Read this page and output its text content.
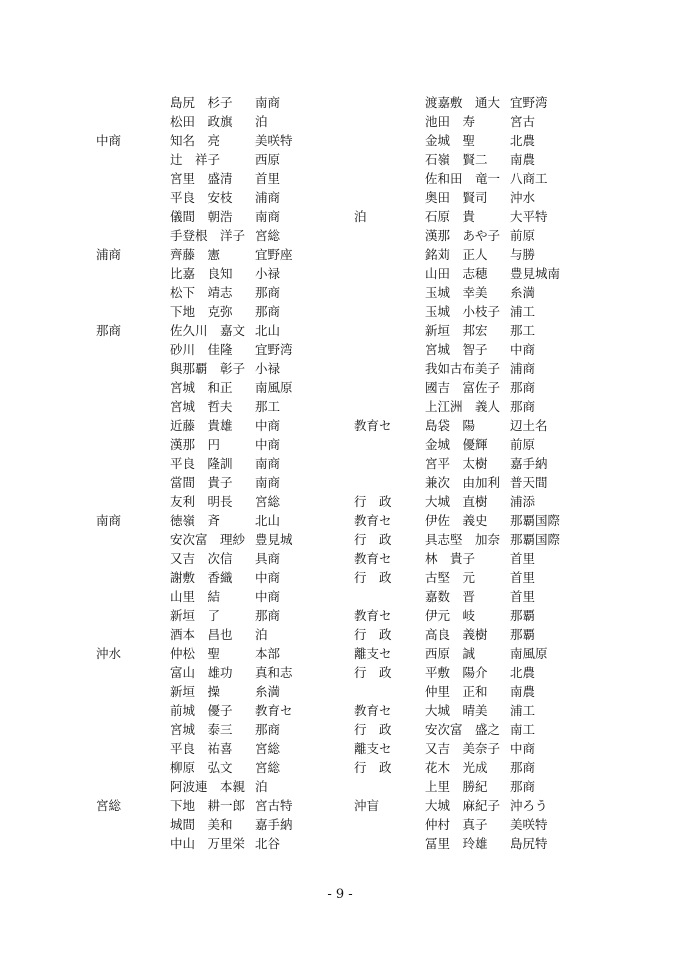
島尻　杉子 南商
松田　政旗 泊
中商	知名　亮	美咲特
辻　祥子	西原
宮里　盛清 首里
平良　安枝 浦商
儀間　朝浩 南商
手登根　洋子 宮総
浦商	齊藤　憲	宜野座
比嘉　良知 小禄
松下　靖志 那商
下地　克弥 那商
那商	佐久川　嘉文 北山
砂川　佳隆 宜野湾
與那覇　彰子 小禄
宮城　和正 南風原
宮城　哲夫 那工
近藤　貴雄 中商
漢那　円	中商
平良　隆訓 南商
當間　貴子 南商
友利　明長 宮総
南商	徳嶺　斉	北山
安次富　理紗 豊見城
又吉　次信 具商
謝敷　香織 中商
山里　結	中商
新垣　了	那商
酒本　昌也 泊
沖水	仲松　聖	本部
富山　雄功 真和志
新垣　操	糸満
前城　優子 教育セ
宮城　泰三 那商
平良　祐喜 宮総
柳原　弘文 宮総
阿波連　本親 泊
宮総	下地　耕一郎 宮古特
城間　美和 嘉手納
中山　万里栄 北谷
渡嘉敷　通大 宜野湾
池田　寿	宮古
金城　聖	北農
石嶺　賢二 南農
佐和田　竜一 八商工
奥田　賢司 沖水
泊	石原　貴	大平特
漢那　あや子 前原
銘苅　正人 与勝
山田　志穂 豊見城南
玉城　幸美 糸満
玉城　小枝子 浦工
新垣　邦宏 那工
宮城　智子 中商
我如古布美子 浦商
國吉　富佐子 那商
上江洲　義人 那商
教育セ	島袋　陽	辺土名
金城　優輝 前原
宮平　太樹 嘉手納
兼次　由加利 普天間
行　政	大城　直樹 浦添
教育セ	伊佐　義史 那覇国際
行　政	具志堅　加奈 那覇国際
教育セ	林　貴子	首里
行　政	古堅　元	首里
嘉数　晋	首里
教育セ	伊元　岐	那覇
行　政	高良　義樹 那覇
離支セ	西原　誠	南風原
行　政	平敷　陽介 北農
仲里　正和 南農
教育セ	大城　晴美 浦工
行　政	安次富　盛之 南工
離支セ	又吉　美奈子 中商
行　政	花木　光成 那商
上里　勝紀 那商
沖盲	大城　麻紀子 沖ろう
仲村　真子 美咲特
冨里　玲雄 島尻特
- 9 -
